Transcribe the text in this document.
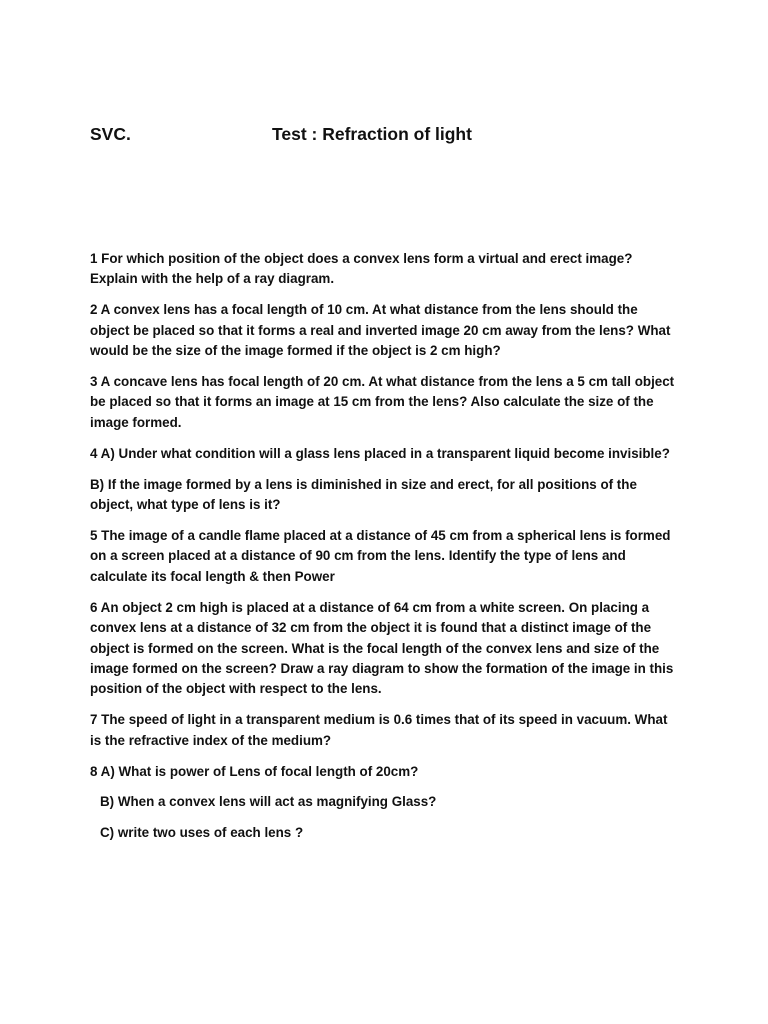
SVC.	Test : Refraction of light

1 For which position of the object does a convex lens form a virtual and erect image? Explain with the help of a ray diagram.

2 A convex lens has a focal length of 10 cm. At what distance from the lens should the object be placed so that it forms a real and inverted image 20 cm away from the lens? What would be the size of the image formed if the object is 2 cm high?

3 A concave lens has focal length of 20 cm. At what distance from the lens a 5 cm tall object be placed so that it forms an image at 15 cm from the lens? Also calculate the size of the image formed.

4 A) Under what condition will a glass lens placed in a transparent liquid become invisible?

B) If the image formed by a lens is diminished in size and erect, for all positions of the object, what type of lens is it?

5 The image of a candle flame placed at a distance of 45 cm from a spherical lens is formed on a screen placed at a distance of 90 cm from the lens. Identify the type of lens and calculate its focal length & then Power

6 An object 2 cm high is placed at a distance of 64 cm from a white screen. On placing a convex lens at a distance of 32 cm from the object it is found that a distinct image of the object is formed on the screen. What is the focal length of the convex lens and size of the image formed on the screen? Draw a ray diagram to show the formation of the image in this position of the object with respect to the lens.

7 The speed of light in a transparent medium is 0.6 times that of its speed in vacuum. What is the refractive index of the medium?

8 A) What is power of Lens of focal length of 20cm?

B) When a convex lens will act as magnifying Glass?

C) write two uses of each lens ?
